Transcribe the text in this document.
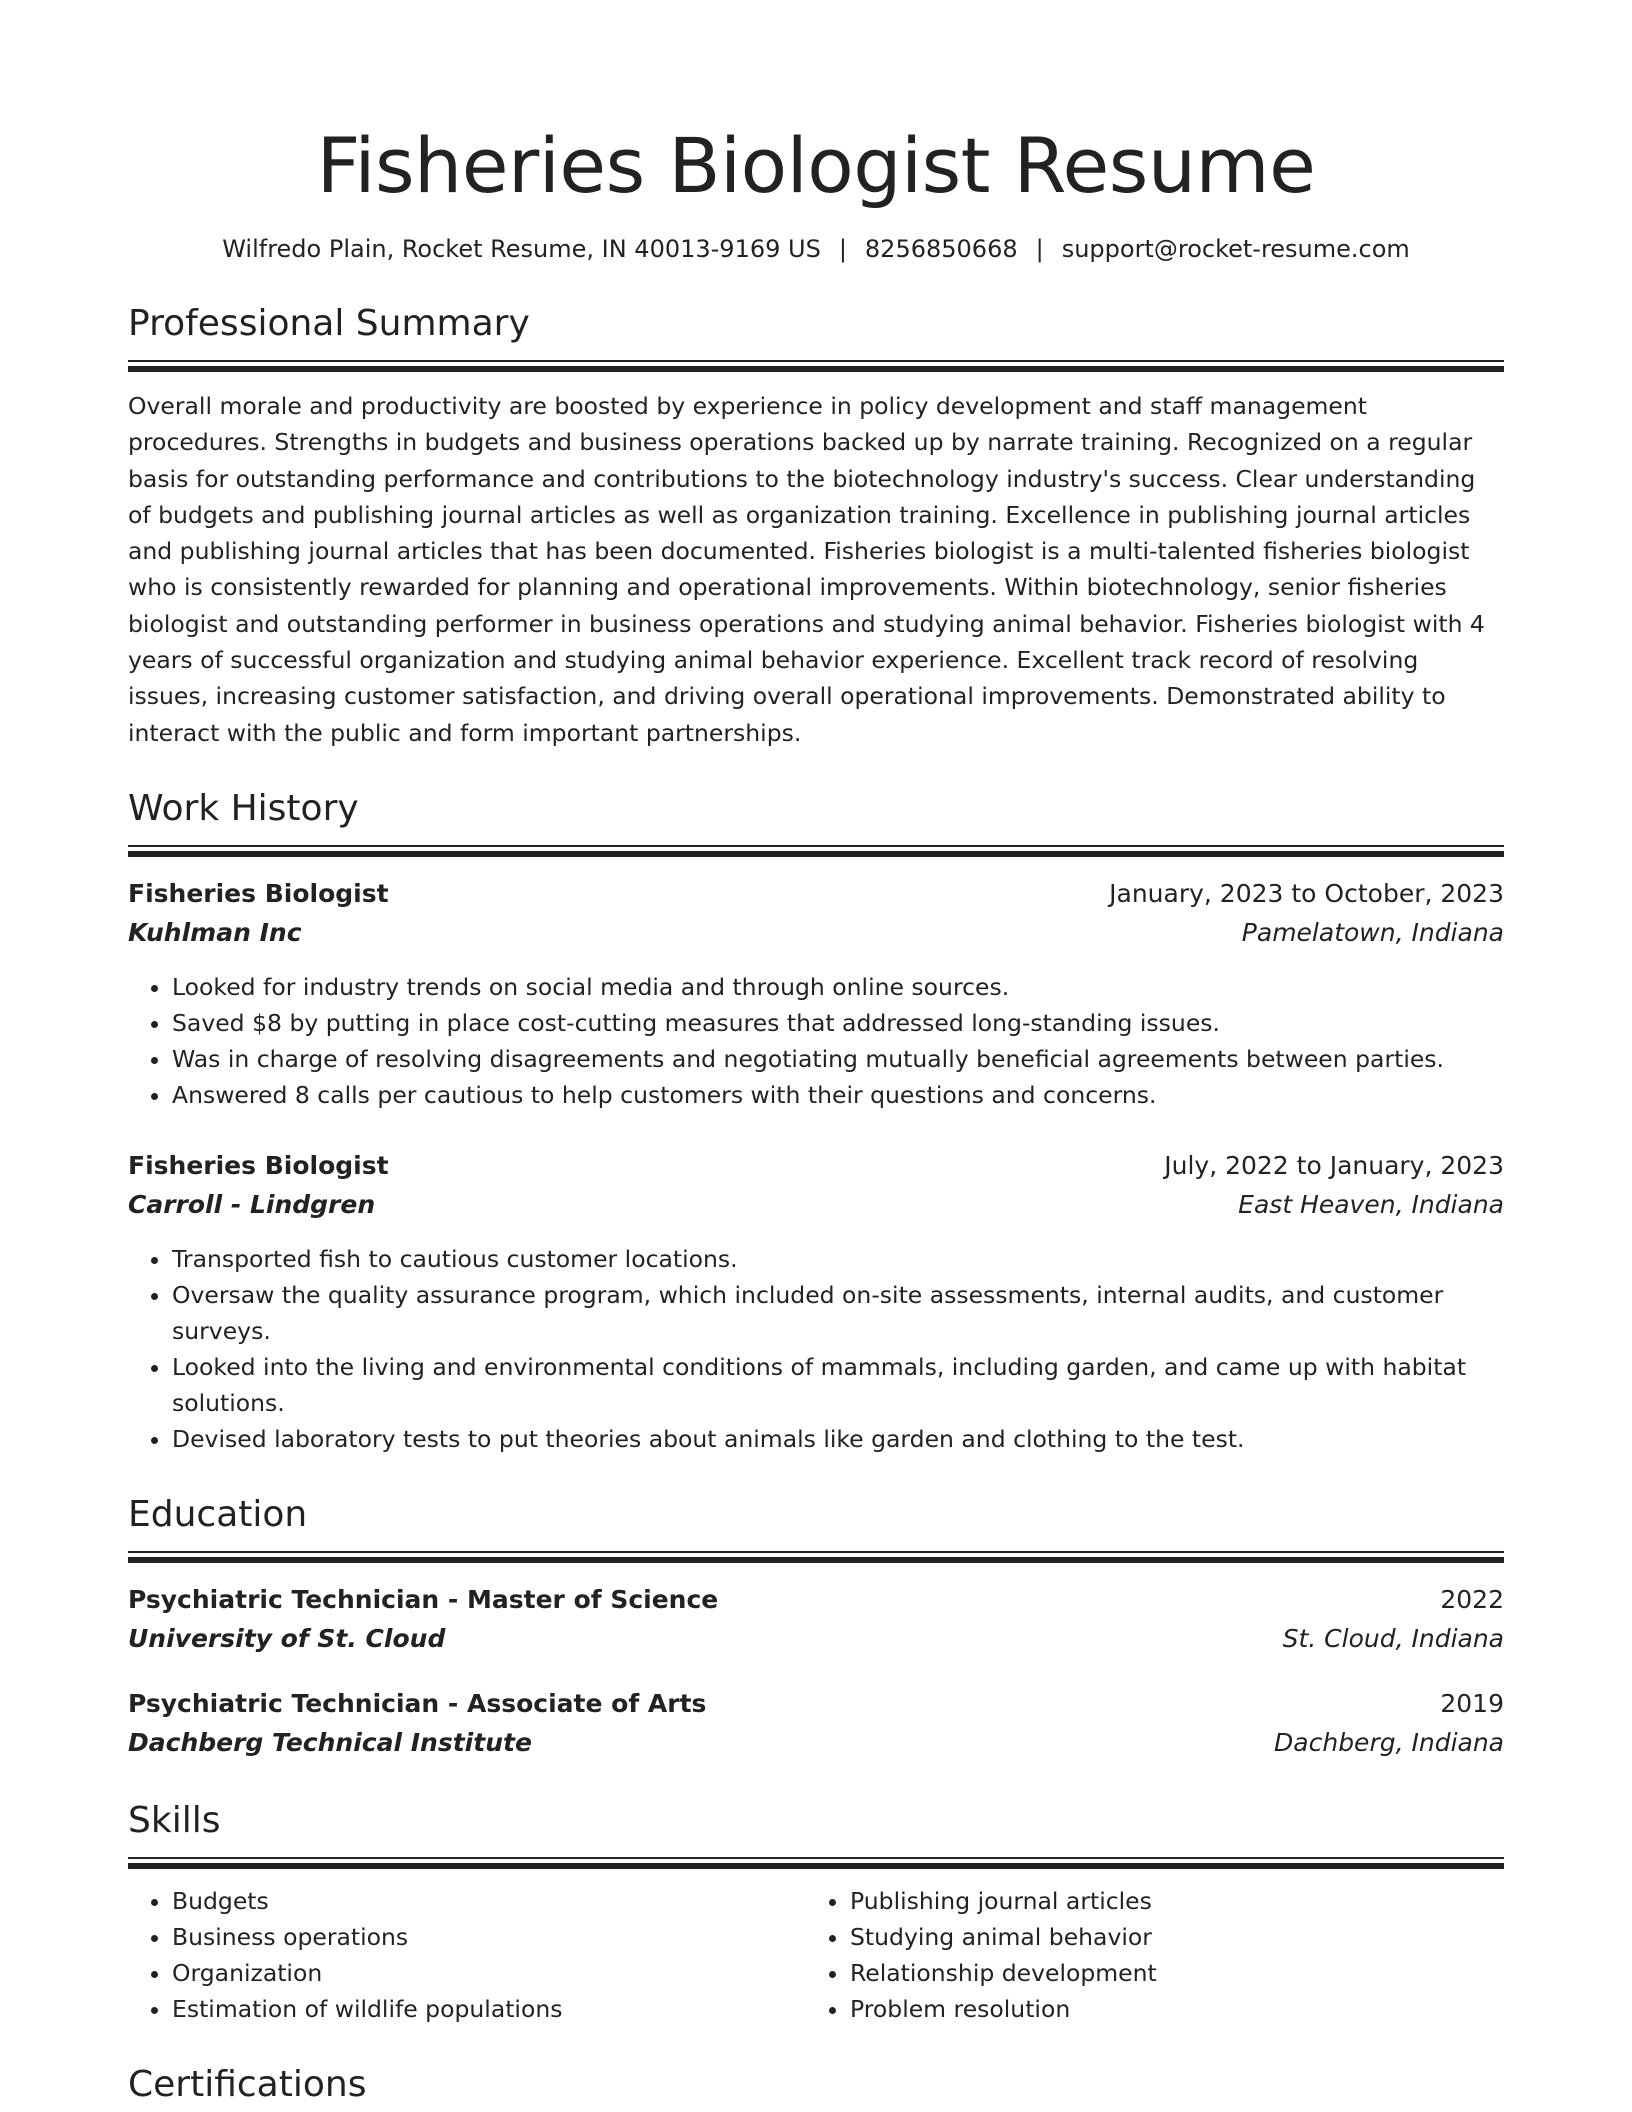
Fisheries Biologist Resume
Wilfredo Plain, Rocket Resume, IN 40013-9169 US | 8256850668 | support@rocket-resume.com
Professional Summary
Overall morale and productivity are boosted by experience in policy development and staff management procedures. Strengths in budgets and business operations backed up by narrate training. Recognized on a regular basis for outstanding performance and contributions to the biotechnology industry's success. Clear understanding of budgets and publishing journal articles as well as organization training. Excellence in publishing journal articles and publishing journal articles that has been documented. Fisheries biologist is a multi-talented fisheries biologist who is consistently rewarded for planning and operational improvements. Within biotechnology, senior fisheries biologist and outstanding performer in business operations and studying animal behavior. Fisheries biologist with 4 years of successful organization and studying animal behavior experience. Excellent track record of resolving issues, increasing customer satisfaction, and driving overall operational improvements. Demonstrated ability to interact with the public and form important partnerships.
Work History
Fisheries Biologist	January, 2023 to October, 2023
Kuhlman Inc	Pamelatown, Indiana
• Looked for industry trends on social media and through online sources.
• Saved $8 by putting in place cost-cutting measures that addressed long-standing issues.
• Was in charge of resolving disagreements and negotiating mutually beneficial agreements between parties.
• Answered 8 calls per cautious to help customers with their questions and concerns.
Fisheries Biologist	July, 2022 to January, 2023
Carroll - Lindgren	East Heaven, Indiana
• Transported fish to cautious customer locations.
• Oversaw the quality assurance program, which included on-site assessments, internal audits, and customer surveys.
• Looked into the living and environmental conditions of mammals, including garden, and came up with habitat solutions.
• Devised laboratory tests to put theories about animals like garden and clothing to the test.
Education
Psychiatric Technician - Master of Science	2022
University of St. Cloud	St. Cloud, Indiana
Psychiatric Technician - Associate of Arts	2019
Dachberg Technical Institute	Dachberg, Indiana
Skills
• Budgets
• Business operations
• Organization
• Estimation of wildlife populations
• Publishing journal articles
• Studying animal behavior
• Relationship development
• Problem resolution
Certifications
